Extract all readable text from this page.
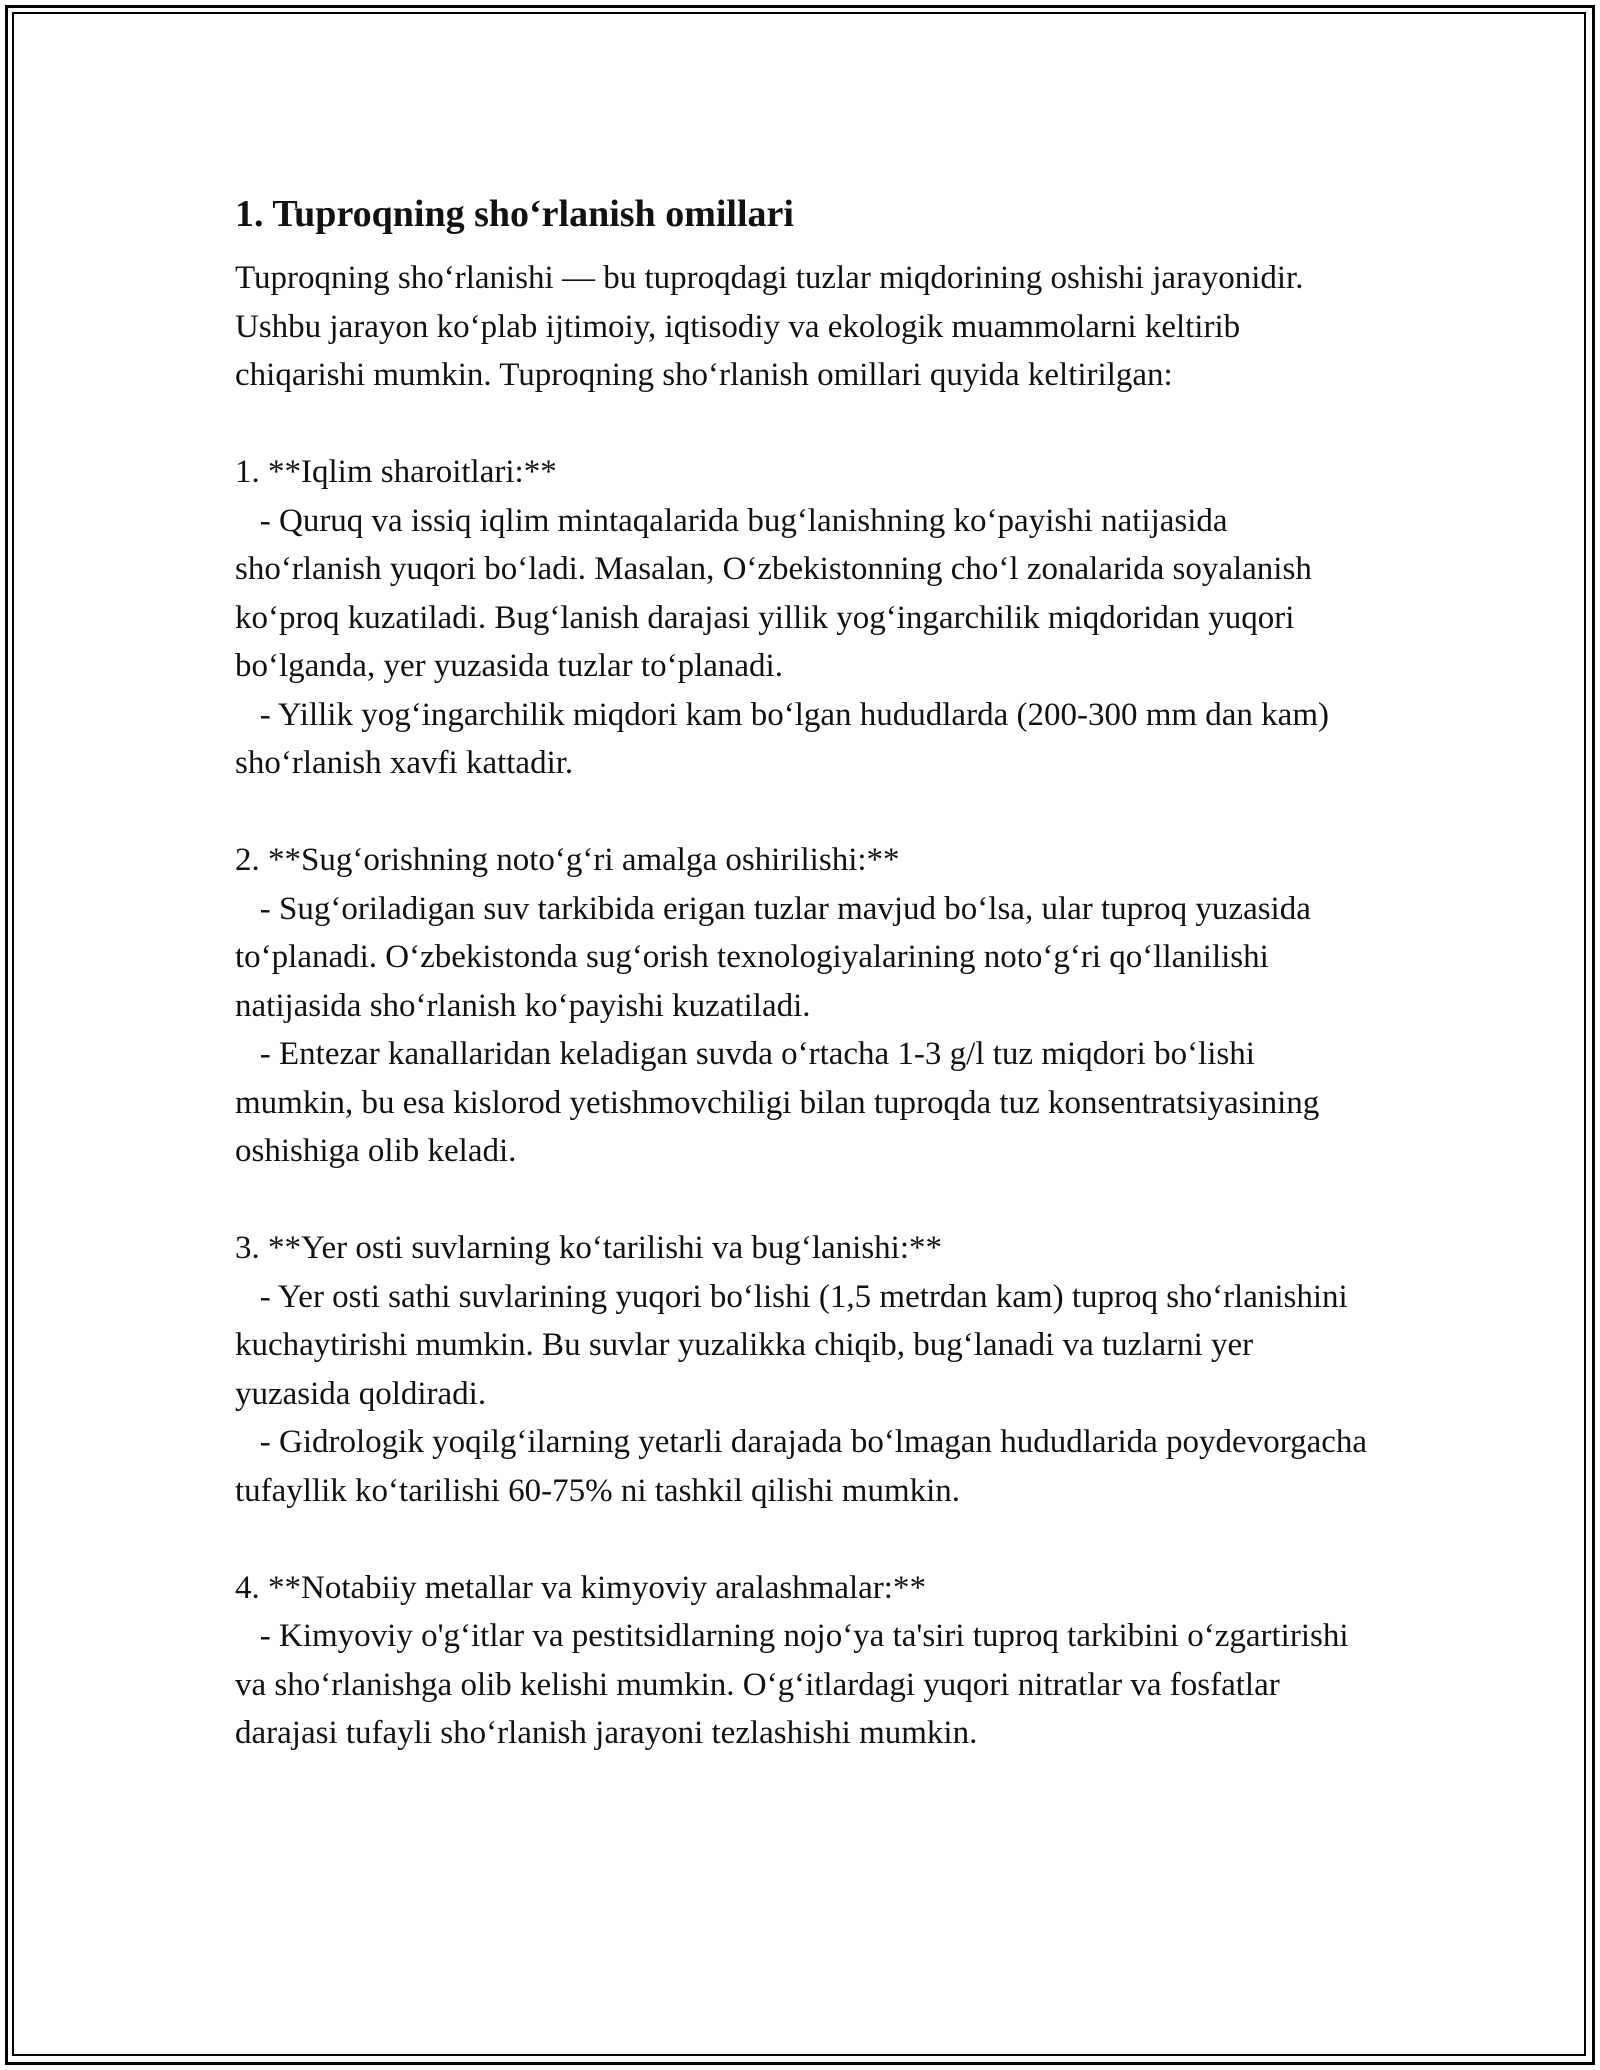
1. Tuproqning sho‘rlanish omillari

Tuproqning sho‘rlanishi — bu tuproqdagi tuzlar miqdorining oshishi jarayonidir. Ushbu jarayon ko‘plab ijtimoiy, iqtisodiy va ekologik muammolarni keltirib chiqarishi mumkin. Tuproqning sho‘rlanish omillari quyida keltirilgan:

1. **Iqlim sharoitlari:**

- Quruq va issiq iqlim mintaqalarida bug‘lanishning ko‘payishi natijasida sho‘rlanish yuqori bo‘ladi. Masalan, O‘zbekistonning cho‘l zonalarida soyalanish ko‘proq kuzatiladi. Bug‘lanish darajasi yillik yog‘ingarchilik miqdoridan yuqori bo‘lganda, yer yuzasida tuzlar to‘planadi.

- Yillik yog‘ingarchilik miqdori kam bo‘lgan hududlarda (200-300 mm dan kam) sho‘rlanish xavfi kattadir.

2. **Sug‘orishning noto‘g‘ri amalga oshirilishi:**

- Sug‘oriladigan suv tarkibida erigan tuzlar mavjud bo‘lsa, ular tuproq yuzasida to‘planadi. O‘zbekistonda sug‘orish texnologiyalarining noto‘g‘ri qo‘llanilishi natijasida sho‘rlanish ko‘payishi kuzatiladi.

- Entezar kanallaridan keladigan suvda o‘rtacha 1-3 g/l tuz miqdori bo‘lishi mumkin, bu esa kislorod yetishmovchiligi bilan tuproqda tuz konsentratsiyasining oshishiga olib keladi.

3. **Yer osti suvlarning ko‘tarilishi va bug‘lanishi:**

- Yer osti sathi suvlarining yuqori bo‘lishi (1,5 metrdan kam) tuproq sho‘rlanishini kuchaytirishi mumkin. Bu suvlar yuzalikka chiqib, bug‘lanadi va tuzlarni yer yuzasida qoldiradi.

- Gidrologik yoqilg‘ilarning yetarli darajada bo‘lmagan hududlarida poydevorgacha tufayllik ko‘tarilishi 60-75% ni tashkil qilishi mumkin.

4. **Notabiiy metallar va kimyoviy aralashmalar:**

- Kimyoviy o'g‘itlar va pestitsidlarning nojo‘ya ta'siri tuproq tarkibini o‘zgartirishi va sho‘rlanishga olib kelishi mumkin. O‘g‘itlardagi yuqori nitratlar va fosfatlar darajasi tufayli sho‘rlanish jarayoni tezlashishi mumkin.
